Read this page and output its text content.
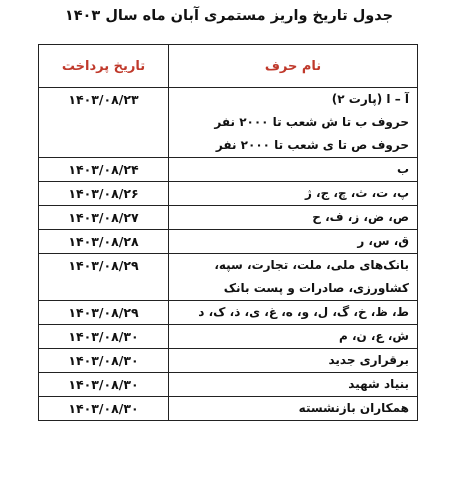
جدول تاریخ واریز مستمری آبان ماه سال ۱۴۰۳
نام حرف	تاریخ پرداخت

آ – ا (پارت ۲)
حروف ب تا ش شعب تا ۲۰۰۰ نفر
حروف ص تا ی شعب تا ۲۰۰۰ نفر	۱۴۰۳/۰۸/۲۳

ب	۱۴۰۳/۰۸/۲۴

پ، ت، ث، چ، ج، ژ	۱۴۰۳/۰۸/۲۶

ص، ض، ز، ف، ح	۱۴۰۳/۰۸/۲۷

ق، س، ر	۱۴۰۳/۰۸/۲۸

بانک‌های ملی، ملت، تجارت، سپه،
کشاورزی، صادرات و پست بانک	۱۴۰۳/۰۸/۲۹

ط، ظ، خ، گ، ل، و، ه، غ، ی، ذ، ک، د	۱۴۰۳/۰۸/۲۹

ش، ع، ن، م	۱۴۰۳/۰۸/۳۰

برقراری جدید	۱۴۰۳/۰۸/۳۰

بنیاد شهید	۱۴۰۳/۰۸/۳۰

همکاران بازنشسته	۱۴۰۳/۰۸/۳۰
